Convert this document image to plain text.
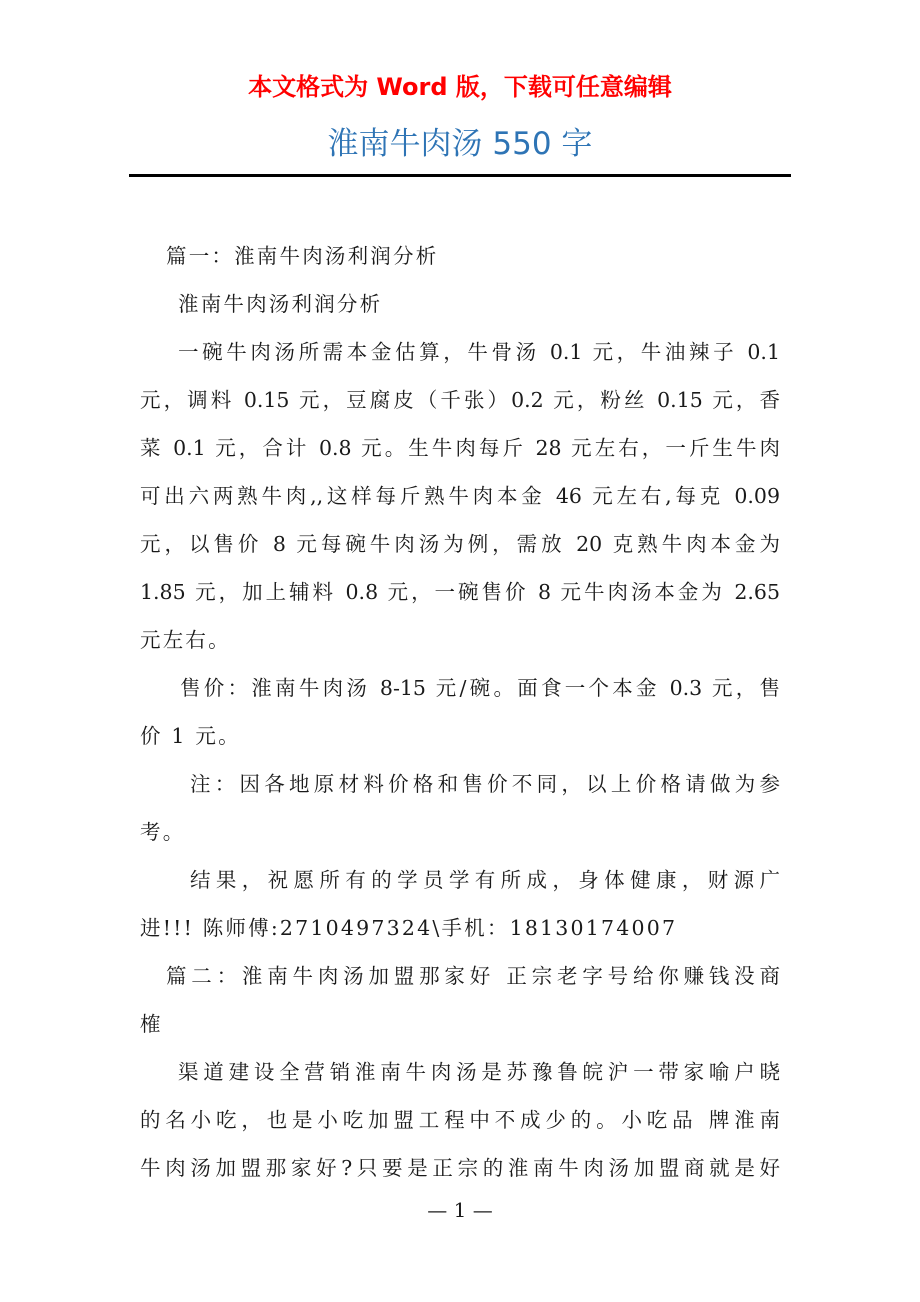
本文格式为 Word 版，下载可任意编辑
淮南牛肉汤 550 字
篇一：淮南牛肉汤利润分析
淮南牛肉汤利润分析
一碗牛肉汤所需本金估算，牛骨汤 0.1 元，牛油辣子 0.1
元，调料 0.15 元，豆腐皮（千张）0.2 元，粉丝 0.15 元，香
菜 0.1 元，合计 0.8 元。生牛肉每斤 28 元左右，一斤生牛肉
可出六两熟牛肉,,这样每斤熟牛肉本金 46 元左右,每克 0.09
元，以售价 8 元每碗牛肉汤为例，需放 20 克熟牛肉本金为
1.85 元，加上辅料 0.8 元，一碗售价 8 元牛肉汤本金为 2.65
元左右。
售价：淮南牛肉汤 8-15 元/碗。面食一个本金 0.3 元，售
价 1 元。
注：因各地原材料价格和售价不同，以上价格请做为参
考。
结果，祝愿所有的学员学有所成，身体健康，财源广
进!!! 陈师傅:2710497324\手机：18130174007
篇二：淮南牛肉汤加盟那家好 正宗老字号给你赚钱没商
榷
渠道建设全营销淮南牛肉汤是苏豫鲁皖沪一带家喻户晓
的名小吃，也是小吃加盟工程中不成少的。小吃品 牌淮南
牛肉汤加盟那家好?只要是正宗的淮南牛肉汤加盟商就是好
— 1 —
